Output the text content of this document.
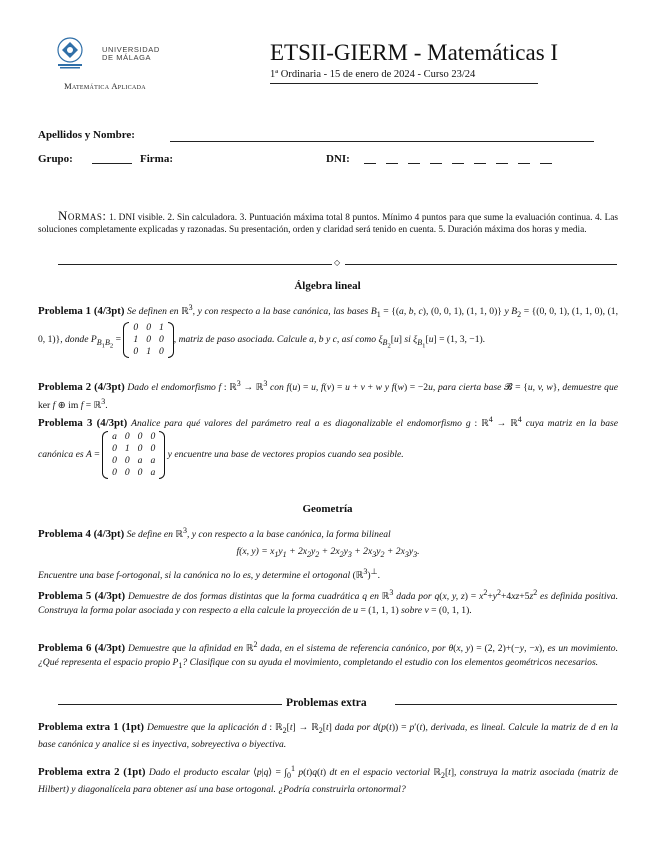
UNIVERSIDAD
DE MÁLAGA
Matemática Aplicada
ETSII-GIERM - Matemáticas I
1ª Ordinaria - 15 de enero de 2024 - Curso 23/24
Apellidos y Nombre:
Grupo:	Firma:	DNI:
Normas: 1. DNI visible. 2. Sin calculadora. 3. Puntuación máxima total 8 puntos. Mínimo 4 puntos para que sume la evaluación continua. 4. Las soluciones completamente explicadas y razonadas. Su presentación, orden y claridad será tenido en cuenta. 5. Duración máxima dos horas y media.
◇
Álgebra lineal
Problema 1 (4/3pt) Se definen en ℝ$^3$, y con respecto a la base canónica, las bases $B_1 = \{(a$, b, c), (0, 0, 1), (1, 1, 0)} y $B_2 = \{(0$, 0, 1), (1, 1, 0), (1, 0, 1)}, donde $P_{B_1B_2}$ =
0	0	1
1	0	0
0	1	0
, matriz de paso asociada. Calcule a, b y c, así como $\xi_{B_2}[u]$ si $\xi_{B_1}[u] = (1$, 3, −1).
Problema 2 (4/3pt) Dado el endomorfismo f : ℝ$^3$ → ℝ$^3$ con f(u) = u, f(v) = u + v + w y f(w) = −2u, para cierta base 𝓑 = {u, v, w}, demuestre que ker f ⊕ im f = ℝ$^3$.
Problema 3 (4/3pt) Analice para qué valores del parámetro real a es diagonalizable el endomorfismo g : ℝ$^4$ → ℝ$^4$ cuya matriz en la base canónica es A =
a	0	0	0
0	1	0	0
0	0	a	a
0	0	0	a
y encuentre una base de vectores propios cuando sea posible.
Geometría
Problema 4 (4/3pt) Se define en ℝ$^3$, y con respecto a la base canónica, la forma bilineal
f(x, $y) = x_1y_1 + 2x_2y_2 + 2x_2y_3 + 2x_3y_2 + 2x_3y_3$.
Encuentre una base f-ortogonal, si la canónica no lo es, y determine el ortogonal (ℝ$^3$)⊥.
Problema 5 (4/3pt) Demuestre de dos formas distintas que la forma cuadrática q en ℝ$^3$ dada por q(x, y, $z) = x^2+y^2+4xz+5z^2$ es definida positiva. Construya la forma polar asociada y con respecto a ella calcule la proyección de u = (1, 1, 1) sobre v = (0, 1, 1).
Problema 6 (4/3pt) Demuestre que la afinidad en ℝ$^2$ dada, en el sistema de referencia canónico, por θ(x, y) = (2, 2)+(−y, −x), es un movimiento. ¿Qué representa el espacio propio $P_1$? Clasifique con su ayuda el movimiento, completando el estudio con los elementos geométricos necesarios.
Problemas extra
Problema extra 1 (1pt) Demuestre que la aplicación d : ℝ$_2$[t] → ℝ$_2$[t] dada por d(p(t)) = p′(t), derivada, es lineal. Calcule la matriz de d en la base canónica y analice si es inyectiva, sobreyectiva o biyectiva.
Problema extra 2 (1pt) Dado el producto escalar ⟨p|q⟩ = $\int_0^1$ p(t)q(t) dt en el espacio vectorial ℝ$_2$[t], construya la matriz asociada (matriz de Hilbert) y diagonalícela para obtener así una base ortogonal. ¿Podría construirla ortonormal?
